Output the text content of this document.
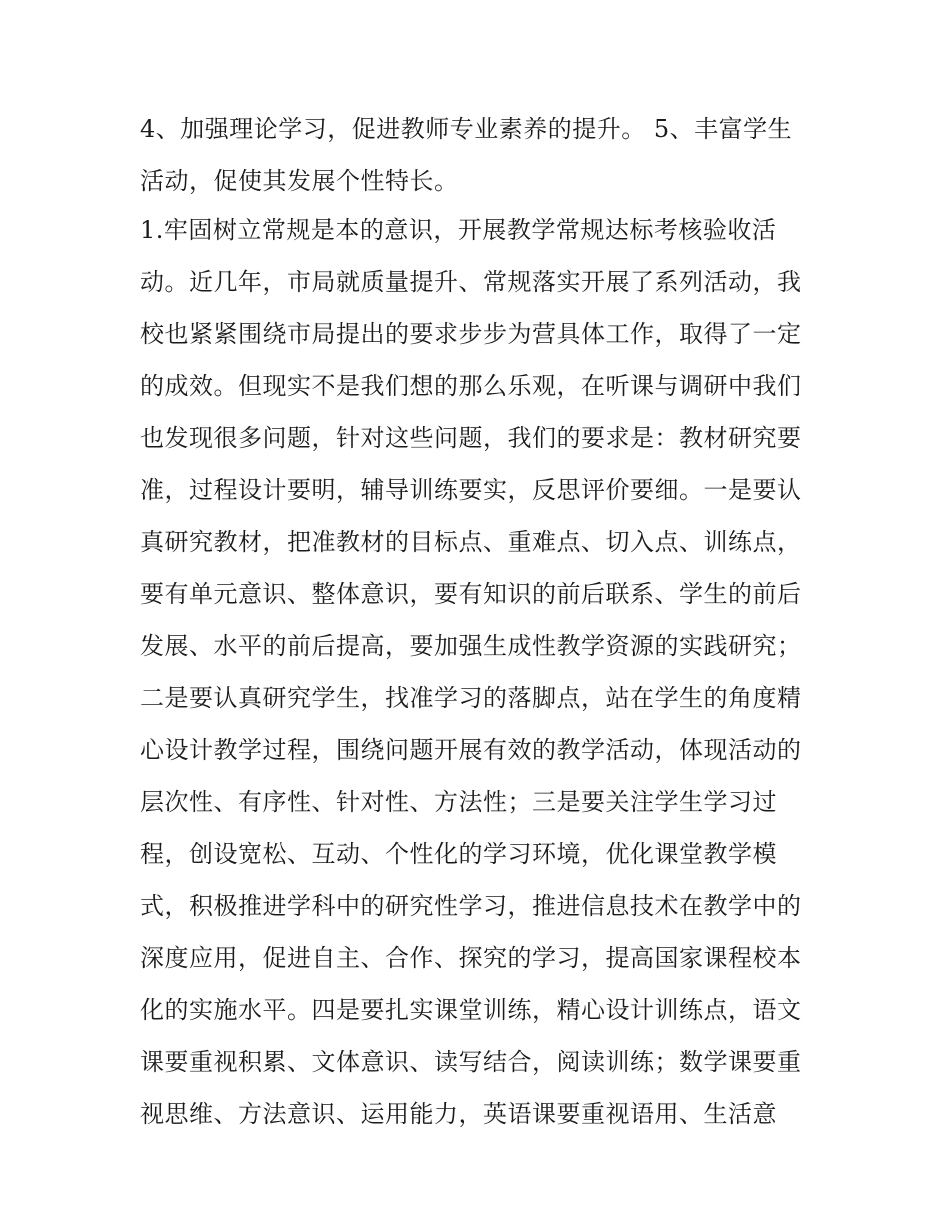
4、加强理论学习，促进教师专业素养的提升。 5、丰富学生
活动，促使其发展个性特长。
1.牢固树立常规是本的意识，开展教学常规达标考核验收活
动。近几年，市局就质量提升、常规落实开展了系列活动，我
校也紧紧围绕市局提出的要求步步为营具体工作，取得了一定
的成效。但现实不是我们想的那么乐观，在听课与调研中我们
也发现很多问题，针对这些问题，我们的要求是：教材研究要
准，过程设计要明，辅导训练要实，反思评价要细。一是要认
真研究教材，把准教材的目标点、重难点、切入点、训练点，
要有单元意识、整体意识，要有知识的前后联系、学生的前后
发展、水平的前后提高，要加强生成性教学资源的实践研究；
二是要认真研究学生，找准学习的落脚点，站在学生的角度精
心设计教学过程，围绕问题开展有效的教学活动，体现活动的
层次性、有序性、针对性、方法性；三是要关注学生学习过
程，创设宽松、互动、个性化的学习环境，优化课堂教学模
式，积极推进学科中的研究性学习，推进信息技术在教学中的
深度应用，促进自主、合作、探究的学习，提高国家课程校本
化的实施水平。四是要扎实课堂训练，精心设计训练点，语文
课要重视积累、文体意识、读写结合，阅读训练；数学课要重
视思维、方法意识、运用能力，英语课要重视语用、生活意
